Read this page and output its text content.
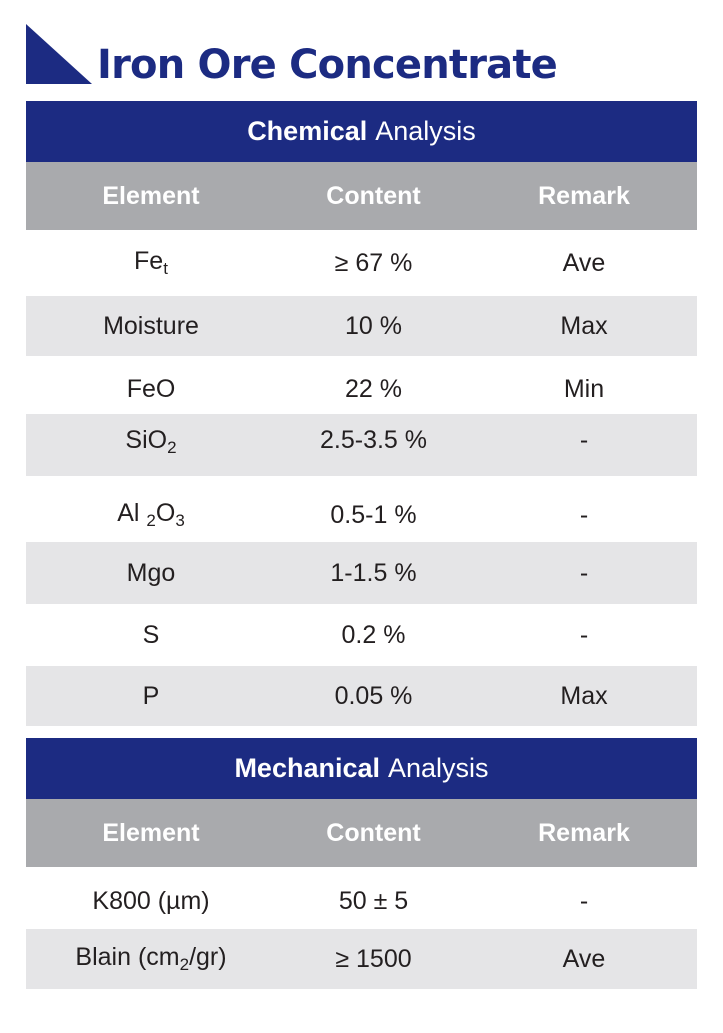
Iron Ore Concentrate
Chemical Analysis
Element	Content	Remark
$Fe_t$	≥ 67 %	Ave
Moisture	10 %	Max
FeO	22 %	Min
SiO$_2$	2.5-3.5 %	-
Al $_2O_3$	0.5-1 %	-
Mgo	1-1.5 %	-
S	0.2 %	-
P	0.05 %	Max
Mechanical Analysis
Element	Content	Remark
K800 (µm)	50 ± 5	-
Blain $(cm_2/gr)$	≥ 1500	Ave
